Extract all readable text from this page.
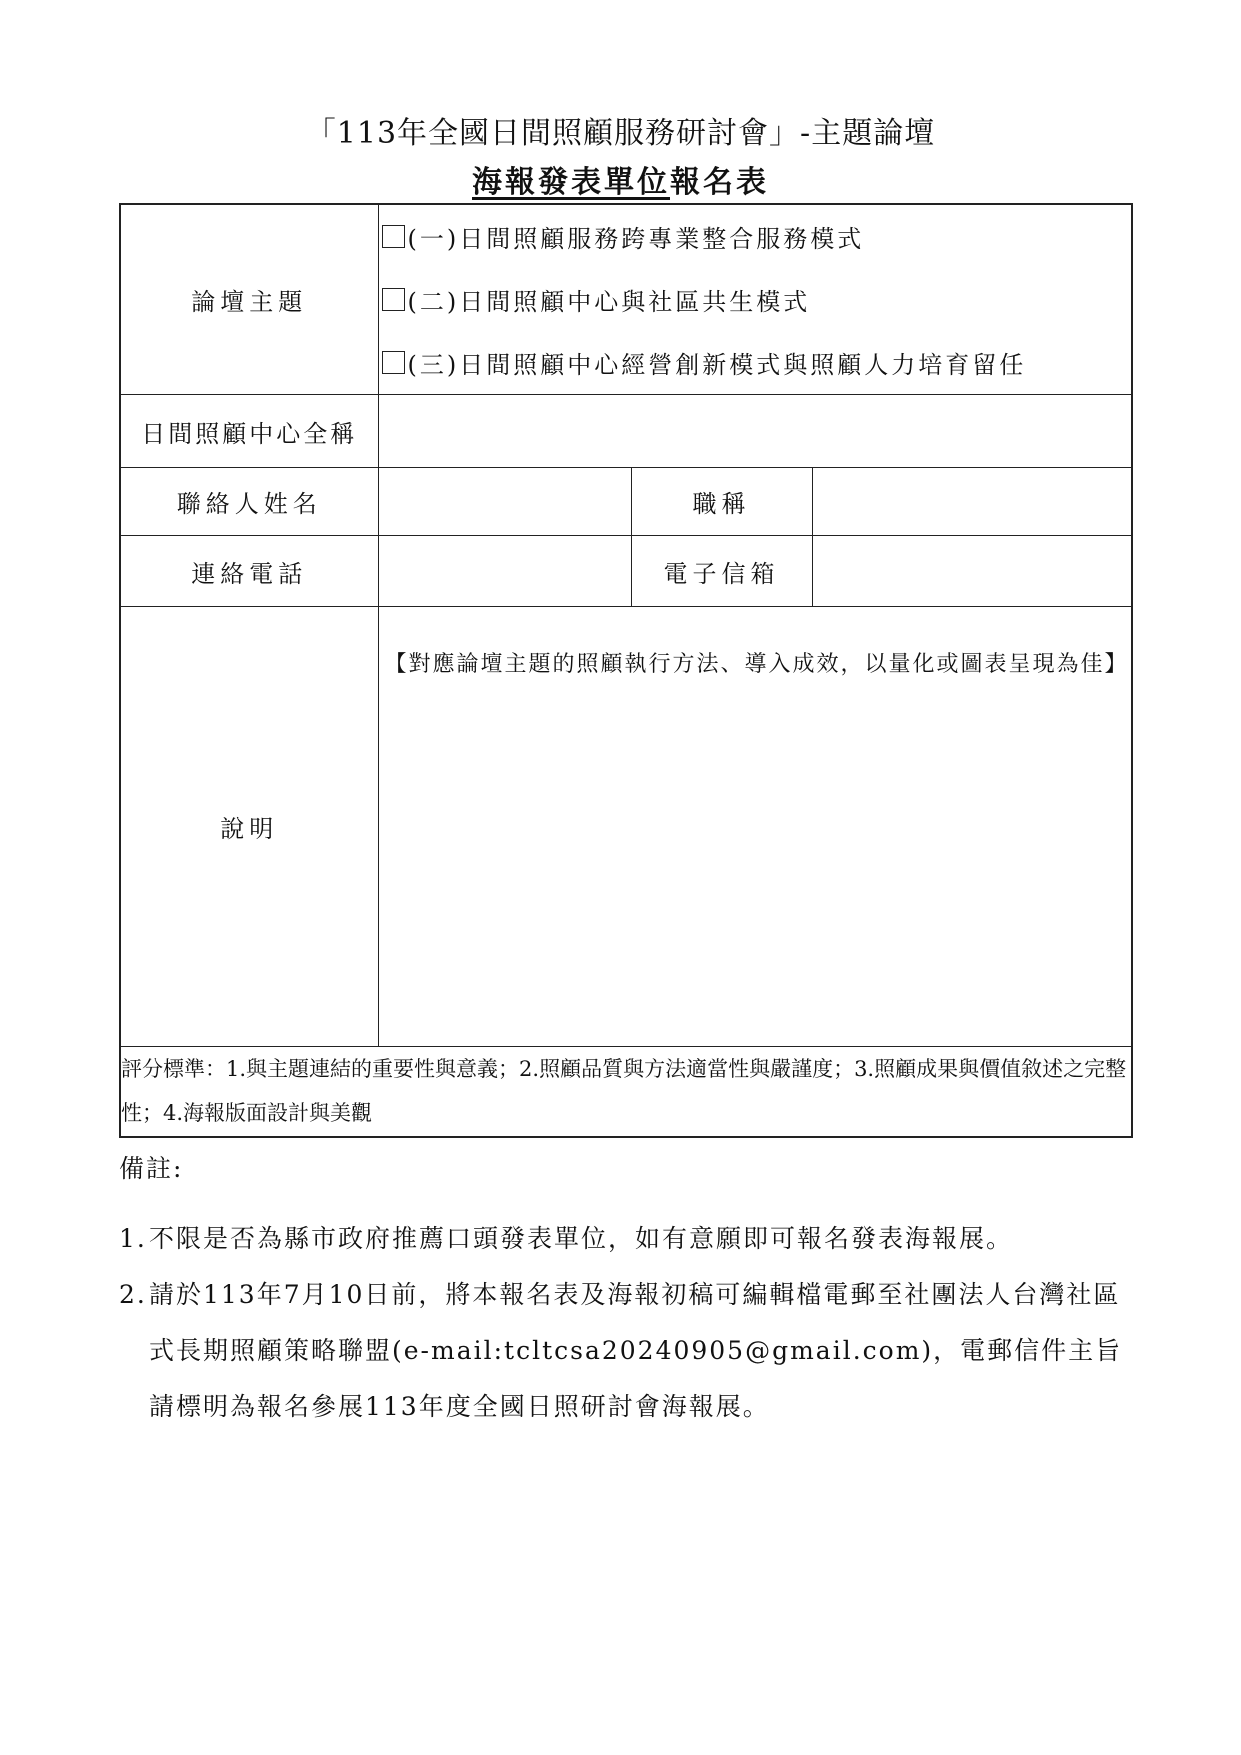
「113年全國日間照顧服務研討會」-主題論壇
海報發表單位報名表
論壇主題	(一)日間照顧服務跨專業整合服務模式
(二)日間照顧中心與社區共生模式
(三)日間照顧中心經營創新模式與照顧人力培育留任		

日間照顧中心全稱			
聯絡人姓名		職稱	
連絡電話		電子信箱	
說明	【對應論壇主題的照顧執行方法、導入成效，以量化或圖表呈現為佳】		

評分標準：1.與主題連結的重要性與意義；2.照顧品質與方法適當性與嚴謹度；3.照顧成果與價值敘述之完整性；4.海報版面設計與美觀			
備註:
1. 不限是否為縣市政府推薦口頭發表單位，如有意願即可報名發表海報展。
2. 請於113年7月10日前，將本報名表及海報初稿可編輯檔電郵至社團法人台灣社區式長期照顧策略聯盟(e-mail:tcltcsa20240905@gmail.com)，電郵信件主旨請標明為報名參展113年度全國日照研討會海報展。
